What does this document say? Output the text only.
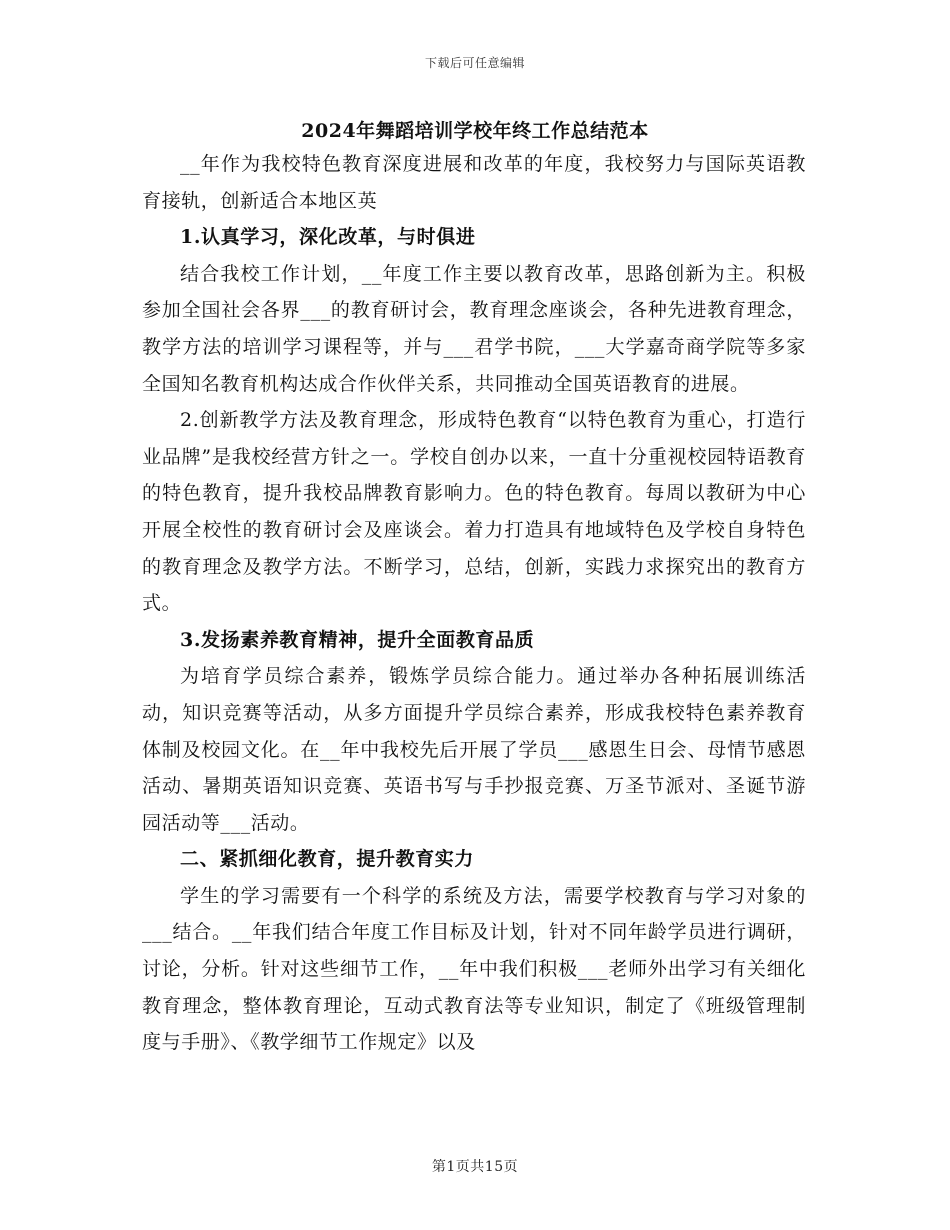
下载后可任意编辑
2024年舞蹈培训学校年终工作总结范本

__年作为我校特色教育深度进展和改革的年度，我校努力与国际英语教育接轨，创新适合本地区英

1.认真学习，深化改革，与时俱进

结合我校工作计划，__年度工作主要以教育改革，思路创新为主。积极参加全国社会各界___的教育研讨会，教育理念座谈会，各种先进教育理念，教学方法的培训学习课程等，并与___君学书院，___大学嘉奇商学院等多家全国知名教育机构达成合作伙伴关系，共同推动全国英语教育的进展。

2.创新教学方法及教育理念，形成特色教育“以特色教育为重心，打造行业品牌”是我校经营方针之一。学校自创办以来，一直十分重视校园特语教育的特色教育，提升我校品牌教育影响力。色的特色教育。每周以教研为中心开展全校性的教育研讨会及座谈会。着力打造具有地域特色及学校自身特色的教育理念及教学方法。不断学习，总结，创新，实践力求探究出的教育方式。

3.发扬素养教育精神，提升全面教育品质

为培育学员综合素养，锻炼学员综合能力。通过举办各种拓展训练活动，知识竞赛等活动，从多方面提升学员综合素养，形成我校特色素养教育体制及校园文化。在__年中我校先后开展了学员___感恩生日会、母情节感恩活动、暑期英语知识竞赛、英语书写与手抄报竞赛、万圣节派对、圣诞节游园活动等___活动。

二、紧抓细化教育，提升教育实力

学生的学习需要有一个科学的系统及方法，需要学校教育与学习对象的___结合。__年我们结合年度工作目标及计划，针对不同年龄学员进行调研，讨论，分析。针对这些细节工作，__年中我们积极___老师外出学习有关细化教育理念，整体教育理论，互动式教育法等专业知识，制定了《班级管理制度与手册》、《教学细节工作规定》以及

第1页共15页
